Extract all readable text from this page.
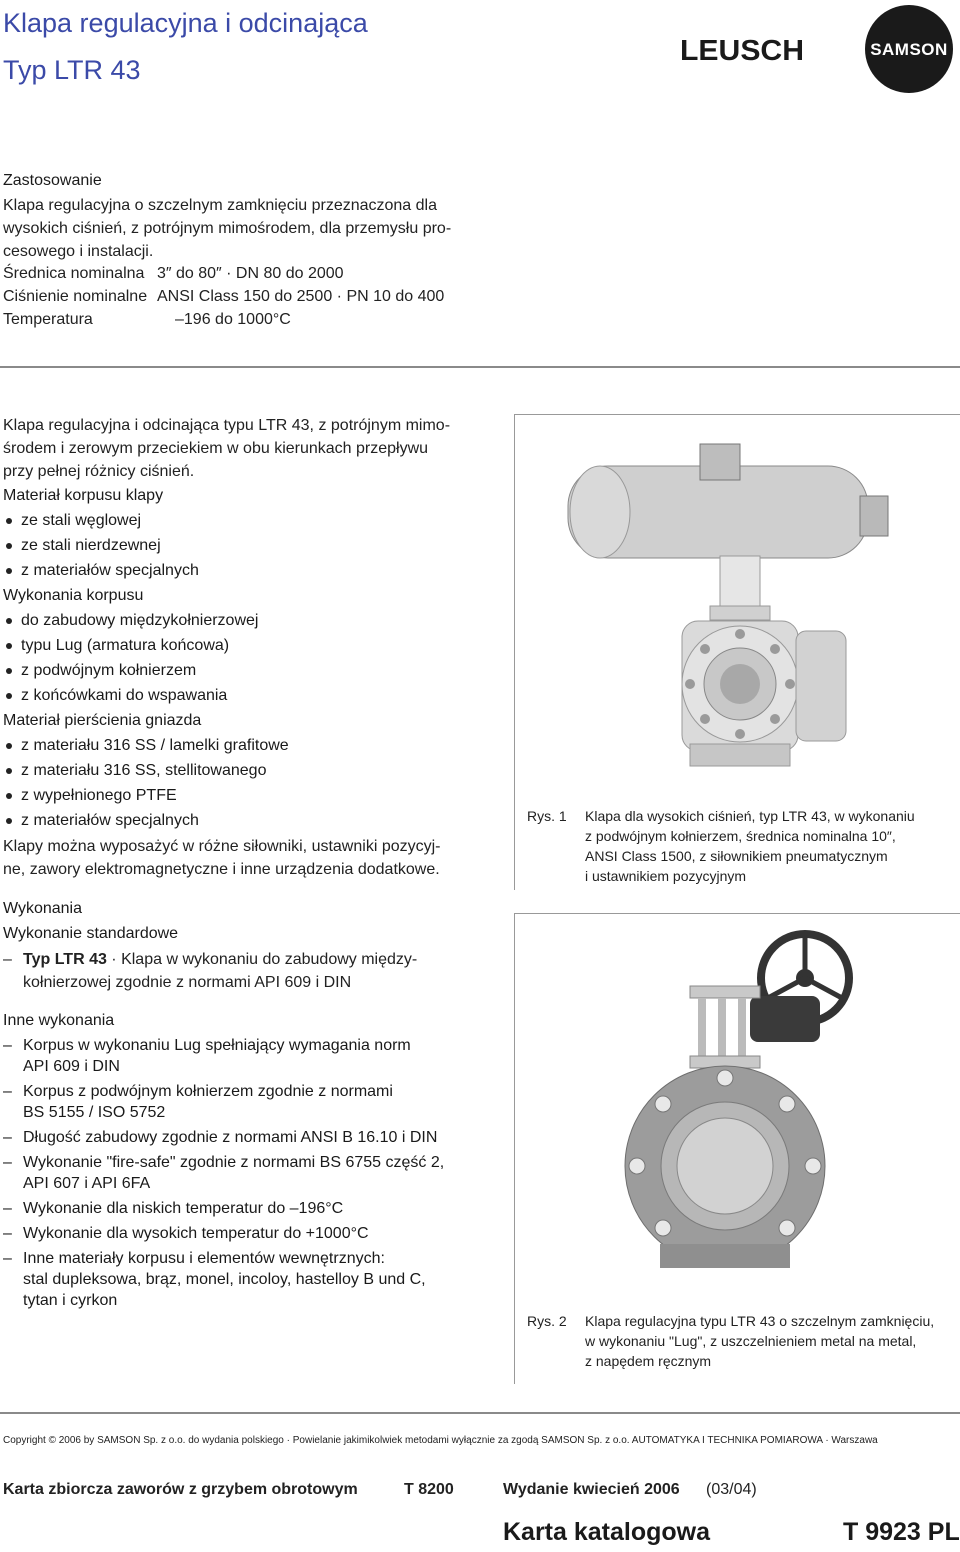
Klapa regulacyjna i odcinająca
Typ LTR 43
LEUSCH	SAMSON
Zastosowanie
Klapa regulacyjna o szczelnym zamknięciu przeznaczona dla
wysokich ciśnień, z potrójnym mimośrodem, dla przemysłu pro-
cesowego i instalacji.
Średnica nominalna 3″ do 80″ · DN 80 do 2000
Ciśnienie nominalne ANSI Class 150 do 2500 · PN 10 do 400
Temperatura	–196 do 1000°C
Klapa regulacyjna i odcinająca typu LTR 43, z potrójnym mimo-
środem i zerowym przeciekiem w obu kierunkach przepływu
przy pełnej różnicy ciśnień.
Materiał korpusu klapy
ze stali węglowej
ze stali nierdzewnej
z materiałów specjalnych
Wykonania korpusu
do zabudowy międzykołnierzowej
typu Lug (armatura końcowa)
z podwójnym kołnierzem
z końcówkami do wspawania
Materiał pierścienia gniazda
z materiału 316 SS / lamelki grafitowe
z materiału 316 SS, stellitowanego
z wypełnionego PTFE
z materiałów specjalnych
Klapy można wyposażyć w różne siłowniki, ustawniki pozycyj-
ne, zawory elektromagnetyczne i inne urządzenia dodatkowe.
Wykonania
Wykonanie standardowe
– Typ LTR 43 · Klapa w wykonaniu do zabudowy między-
kołnierzowej zgodnie z normami API 609 i DIN
Inne wykonania
– Korpus w wykonaniu Lug spełniający wymagania norm
API 609 i DIN
– Korpus z podwójnym kołnierzem zgodnie z normami
BS 5155 / ISO 5752
– Długość zabudowy zgodnie z normami ANSI B 16.10 i DIN
– Wykonanie "fire-safe" zgodnie z normami BS 6755 część 2,
API 607 i API 6FA
– Wykonanie dla niskich temperatur do –196°C
– Wykonanie dla wysokich temperatur do +1000°C
– Inne materiały korpusu i elementów wewnętrznych:
stal dupleksowa, brąz, monel, incoloy, hastelloy B und C,
tytan i cyrkon
Rys. 1	Klapa dla wysokich ciśnień, typ LTR 43, w wykonaniu
z podwójnym kołnierzem, średnica nominalna 10″,
ANSI Class 1500, z siłownikiem pneumatycznym
i ustawnikiem pozycyjnym
Rys. 2	Klapa regulacyjna typu LTR 43 o szczelnym zamknięciu,
w wykonaniu "Lug", z uszczelnieniem metal na metal,
z napędem ręcznym
Copyright © 2006 by SAMSON Sp. z o.o. do wydania polskiego · Powielanie jakimikolwiek metodami wyłącznie za zgodą SAMSON Sp. z o.o. AUTOMATYKA I TECHNIKA POMIAROWA · Warszawa
Karta zbiorcza zaworów z grzybem obrotowym	T 8200	Wydanie kwiecień 2006 (03/04)
Karta katalogowa	T 9923 PL
